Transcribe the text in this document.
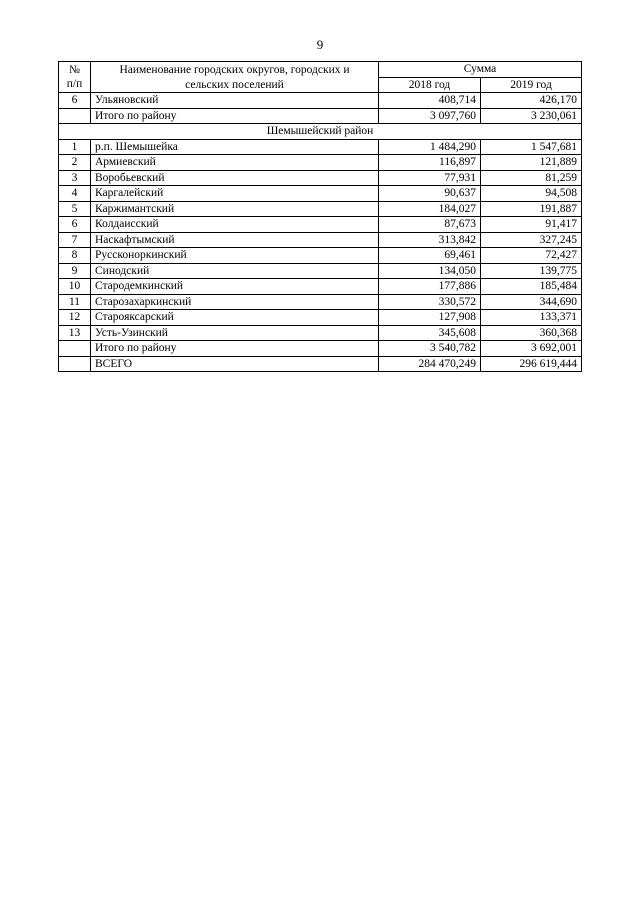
9
№ п/п	Наименование городских округов, городских и	Сумма	
	сельских поселений	2018 год	2019 год
6	Ульяновский	408,714	426,170
	Итого по району	3 097,760	3 230,061
Шемышейский район			
1	р.п. Шемышейка	1 484,290	1 547,681
2	Армиевский	116,897	121,889
3	Воробьевский	77,931	81,259
4	Каргалейский	90,637	94,508
5	Каржимантский	184,027	191,887
6	Колдаисский	87,673	91,417
7	Наскафтымский	313,842	327,245
8	Руссконоркинский	69,461	72,427
9	Синодский	134,050	139,775
10	Стародемкинский	177,886	185,484
11	Старозахаркинский	330,572	344,690
12	Старояксарский	127,908	133,371
13	Усть-Узинский	345,608	360,368
	Итого по району	3 540,782	3 692,001
	ВСЕГО	284 470,249	296 619,444
